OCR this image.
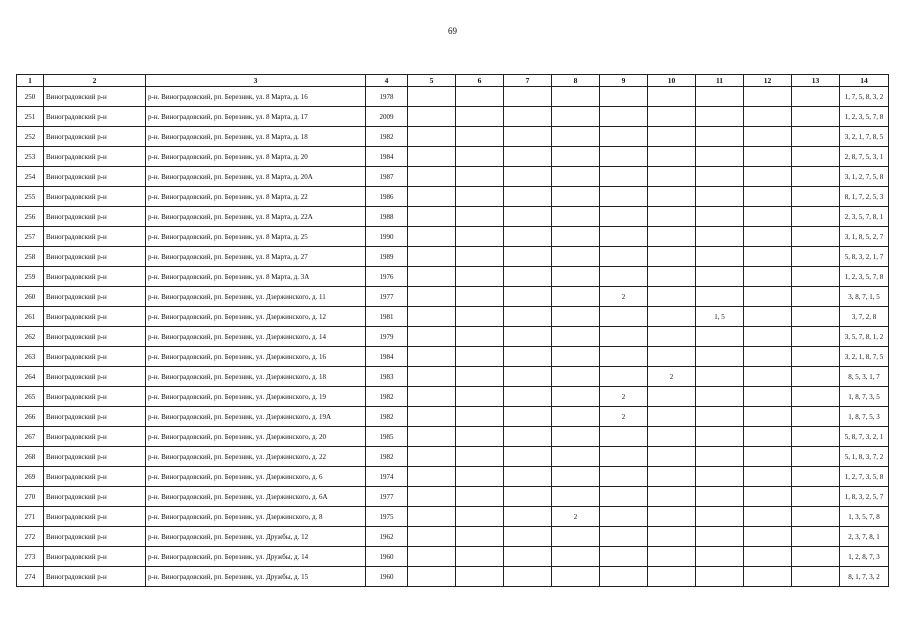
69
1	2	3	4	5	6	7	8	9	10	11	12	13	14
250	Виноградовский р-н	р-н. Виноградовский, рп. Березник, ул. 8 Марта, д. 16	1978										1, 7, 5, 8, 3, 2

251	Виноградовский р-н	р-н. Виноградовский, рп. Березник, ул. 8 Марта, д. 17	2009										1, 2, 3, 5, 7, 8

252	Виноградовский р-н	р-н. Виноградовский, рп. Березник, ул. 8 Марта, д. 18	1982										3, 2, 1, 7, 8, 5

253	Виноградовский р-н	р-н. Виноградовский, рп. Березник, ул. 8 Марта, д. 20	1984										2, 8, 7, 5, 3, 1

254	Виноградовский р-н	р-н. Виноградовский, рп. Березник, ул. 8 Марта, д. 20А	1987										3, 1, 2, 7, 5, 8

255	Виноградовский р-н	р-н. Виноградовский, рп. Березник, ул. 8 Марта, д. 22	1986										8, 1, 7, 2, 5, 3

256	Виноградовский р-н	р-н. Виноградовский, рп. Березник, ул. 8 Марта, д. 22А	1988										2, 3, 5, 7, 8, 1

257	Виноградовский р-н	р-н. Виноградовский, рп. Березник, ул. 8 Марта, д. 25	1990										3, 1, 8, 5, 2, 7

258	Виноградовский р-н	р-н. Виноградовский, рп. Березник, ул. 8 Марта, д. 27	1989										5, 8, 3, 2, 1, 7

259	Виноградовский р-н	р-н. Виноградовский, рп. Березник, ул. 8 Марта, д. 3А	1976										1, 2, 3, 5, 7, 8

260	Виноградовский р-н	р-н. Виноградовский, рп. Березник, ул. Дзержинского, д. 11	1977					2					3, 8, 7, 1, 5

261	Виноградовский р-н	р-н. Виноградовский, рп. Березник, ул. Дзержинского, д. 12	1981							1, 5			3, 7, 2, 8

262	Виноградовский р-н	р-н. Виноградовский, рп. Березник, ул. Дзержинского, д. 14	1979										3, 5, 7, 8, 1, 2

263	Виноградовский р-н	р-н. Виноградовский, рп. Березник, ул. Дзержинского, д. 16	1984										3, 2, 1, 8, 7, 5

264	Виноградовский р-н	р-н. Виноградовский, рп. Березник, ул. Дзержинского, д. 18	1983						2				8, 5, 3, 1, 7

265	Виноградовский р-н	р-н. Виноградовский, рп. Березник, ул. Дзержинского, д. 19	1982					2					1, 8, 7, 3, 5

266	Виноградовский р-н	р-н. Виноградовский, рп. Березник, ул. Дзержинского, д. 19А	1982					2					1, 8, 7, 5, 3

267	Виноградовский р-н	р-н. Виноградовский, рп. Березник, ул. Дзержинского, д. 20	1985										5, 8, 7, 3, 2, 1

268	Виноградовский р-н	р-н. Виноградовский, рп. Березник, ул. Дзержинского, д. 22	1982										5, 1, 8, 3, 7, 2

269	Виноградовский р-н	р-н. Виноградовский, рп. Березник, ул. Дзержинского, д. 6	1974										1, 2, 7, 3, 5, 8

270	Виноградовский р-н	р-н. Виноградовский, рп. Березник, ул. Дзержинского, д. 6А	1977										1, 8, 3, 2, 5, 7

271	Виноградовский р-н	р-н. Виноградовский, рп. Березник, ул. Дзержинского, д. 8	1975				2						1, 3, 5, 7, 8

272	Виноградовский р-н	р-н. Виноградовский, рп. Березник, ул. Дружбы, д. 12	1962										2, 3, 7, 8, 1

273	Виноградовский р-н	р-н. Виноградовский, рп. Березник, ул. Дружбы, д. 14	1960										1, 2, 8, 7, 3

274	Виноградовский р-н	р-н. Виноградовский, рп. Березник, ул. Дружбы, д. 15	1960										8, 1, 7, 3, 2
